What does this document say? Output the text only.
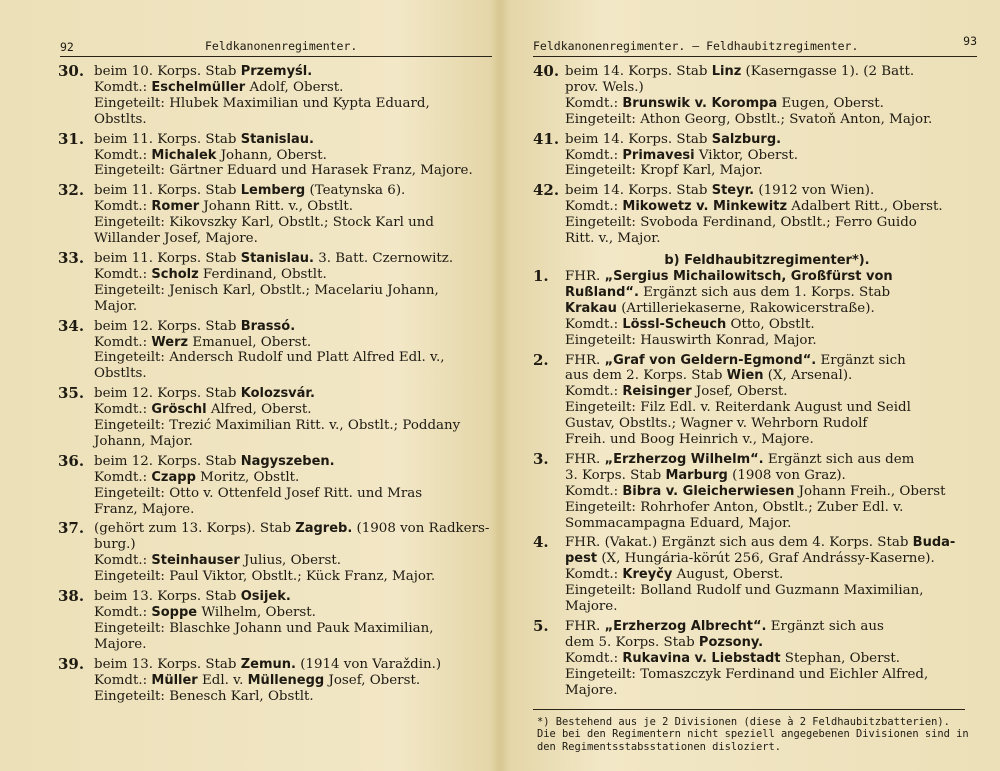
92	Feldkanonenregimenter.
30. beim 10. Korps. Stab Przemyśl.
Komdt.: Eschelmüller Adolf, Oberst.
Eingeteilt: Hlubek Maximilian und Kypta Eduard,
Obstlts.
31. beim 11. Korps. Stab Stanislau.
Komdt.: Michalek Johann, Oberst.
Eingeteilt: Gärtner Eduard und Harasek Franz, Majore.
32. beim 11. Korps. Stab Lemberg (Teatynska 6).
Komdt.: Romer Johann Ritt. v., Obstlt.
Eingeteilt: Kikovszky Karl, Obstlt.; Stock Karl und
Willander Josef, Majore.
33. beim 11. Korps. Stab Stanislau. 3. Batt. Czernowitz.
Komdt.: Scholz Ferdinand, Obstlt.
Eingeteilt: Jenisch Karl, Obstlt.; Macelariu Johann,
Major.
34. beim 12. Korps. Stab Brassó.
Komdt.: Werz Emanuel, Oberst.
Eingeteilt: Andersch Rudolf und Platt Alfred Edl. v.,
Obstlts.
35. beim 12. Korps. Stab Kolozsvár.
Komdt.: Gröschl Alfred, Oberst.
Eingeteilt: Trezić Maximilian Ritt. v., Obstlt.; Poddany
Johann, Major.
36. beim 12. Korps. Stab Nagyszeben.
Komdt.: Czapp Moritz, Obstlt.
Eingeteilt: Otto v. Ottenfeld Josef Ritt. und Mras
Franz, Majore.
37. (gehört zum 13. Korps). Stab Zagreb. (1908 von Radkers-
burg.)
Komdt.: Steinhauser Julius, Oberst.
Eingeteilt: Paul Viktor, Obstlt.; Kück Franz, Major.
38. beim 13. Korps. Stab Osijek.
Komdt.: Soppe Wilhelm, Oberst.
Eingeteilt: Blaschke Johann und Pauk Maximilian,
Majore.
39. beim 13. Korps. Stab Zemun. (1914 von Varaždin.)
Komdt.: Müller Edl. v. Müllenegg Josef, Oberst.
Eingeteilt: Benesch Karl, Obstlt.
Feldkanonenregimenter. — Feldhaubitzregimenter.	93
40. beim 14. Korps. Stab Linz (Kaserngasse 1). (2 Batt.
prov. Wels.)
Komdt.: Brunswik v. Korompa Eugen, Oberst.
Eingeteilt: Athon Georg, Obstlt.; Svatoň Anton, Major.
41. beim 14. Korps. Stab Salzburg.
Komdt.: Primavesi Viktor, Oberst.
Eingeteilt: Kropf Karl, Major.
42. beim 14. Korps. Stab Steyr. (1912 von Wien).
Komdt.: Mikowetz v. Minkewitz Adalbert Ritt., Oberst.
Eingeteilt: Svoboda Ferdinand, Obstlt.; Ferro Guido
Ritt. v., Major.
b) Feldhaubitzregimenter*).
1.	FHR. „Sergius Michailowitsch, Großfürst von
Rußland“. Ergänzt sich aus dem 1. Korps. Stab
Krakau (Artilleriekaserne, Rakowicerstraße).
Komdt.: Lössl-Scheuch Otto, Obstlt.
Eingeteilt: Hauswirth Konrad, Major.
2.	FHR. „Graf von Geldern-Egmond“. Ergänzt sich
aus dem 2. Korps. Stab Wien (X, Arsenal).
Komdt.: Reisinger Josef, Oberst.
Eingeteilt: Filz Edl. v. Reiterdank August und Seidl
Gustav, Obstlts.; Wagner v. Wehrborn Rudolf
Freih. und Boog Heinrich v., Majore.
3.	FHR. „Erzherzog Wilhelm“. Ergänzt sich aus dem
3. Korps. Stab Marburg (1908 von Graz).
Komdt.: Bibra v. Gleicherwiesen Johann Freih., Oberst
Eingeteilt: Rohrhofer Anton, Obstlt.; Zuber Edl. v.
Sommacampagna Eduard, Major.
4.	FHR. (Vakat.) Ergänzt sich aus dem 4. Korps. Stab Buda-
pest (X, Hungária-körút 256, Graf Andrássy-Kaserne).
Komdt.: Kreyčy August, Oberst.
Eingeteilt: Bolland Rudolf und Guzmann Maximilian,
Majore.
5.	FHR. „Erzherzog Albrecht“. Ergänzt sich aus
dem 5. Korps. Stab Pozsony.
Komdt.: Rukavina v. Liebstadt Stephan, Oberst.
Eingeteilt: Tomaszczyk Ferdinand und Eichler Alfred,
Majore.
*) Bestehend aus je 2 Divisionen (diese à 2 Feldhaubitzbatterien).
Die bei den Regimentern nicht speziell angegebenen Divisionen sind in
den Regimentsstabsstationen disloziert.
